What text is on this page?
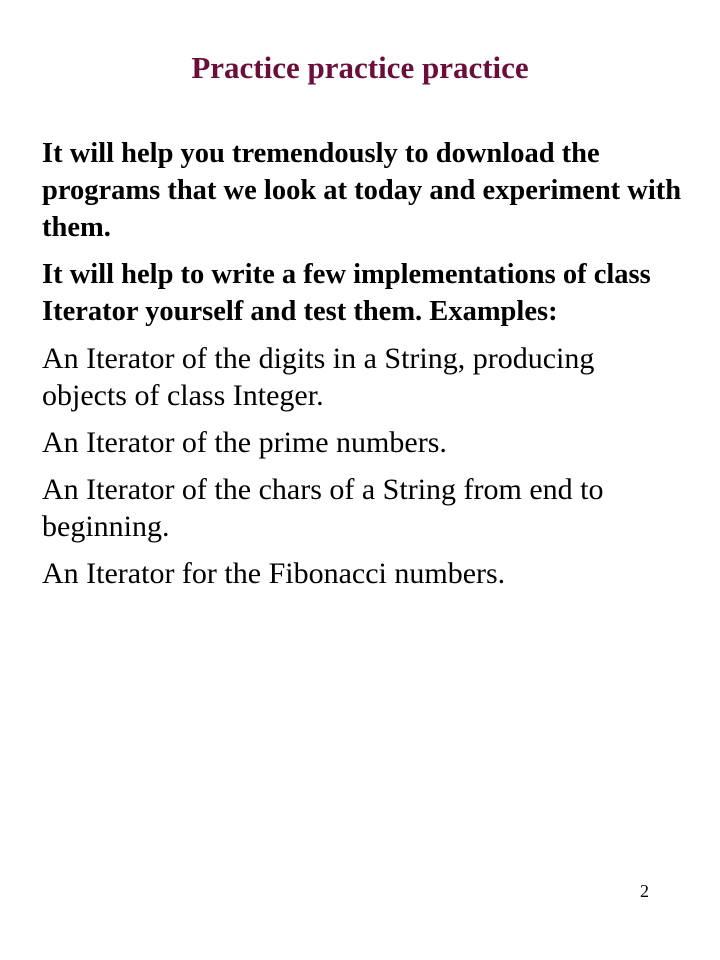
Practice practice practice

It will help you tremendously to download the programs that we look at today and experiment with them.

It will help to write a few implementations of class Iterator yourself and test them. Examples:

An Iterator of the digits in a String, producing objects of class Integer.

An Iterator of the prime numbers.

An Iterator of the chars of a String from end to beginning.

An Iterator for the Fibonacci numbers.

2
